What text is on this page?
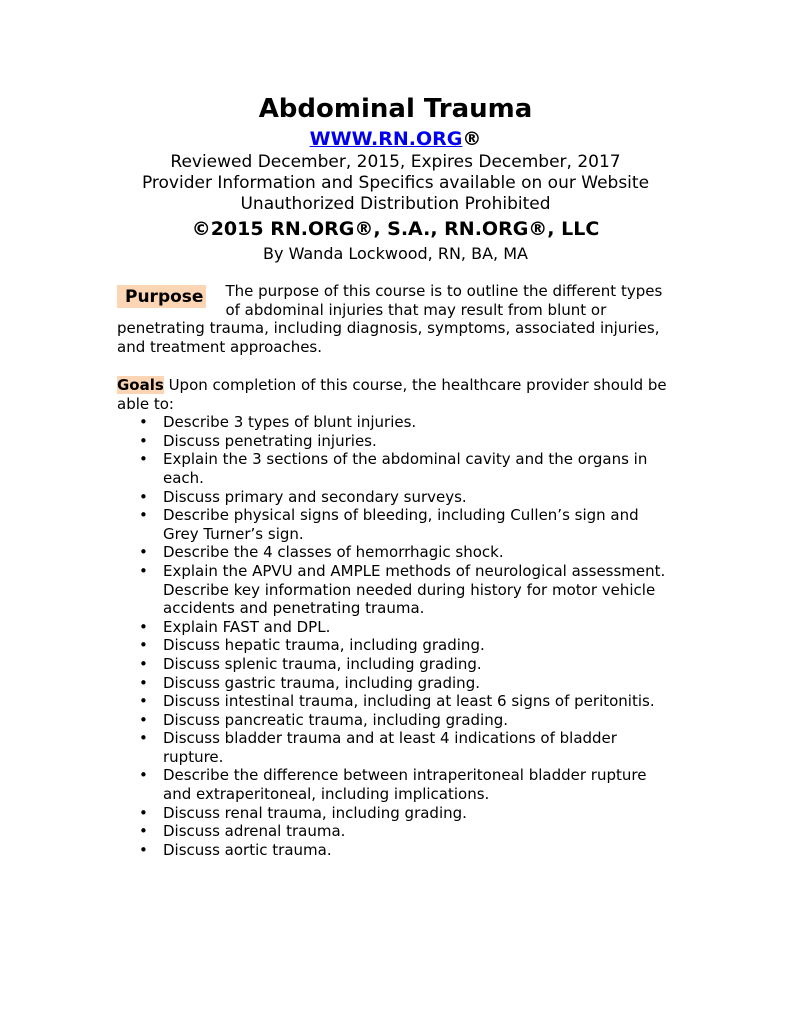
Abdominal Trauma

WWW.RN.ORG®

Reviewed December, 2015, Expires December, 2017

Provider Information and Specifics available on our Website

Unauthorized Distribution Prohibited

©2015 RN.ORG®, S.A., RN.ORG®, LLC

By Wanda Lockwood, RN, BA, MA

Purpose	The purpose of this course is to outline the different types of abdominal injuries that may result from blunt or penetrating trauma, including diagnosis, symptoms, associated injuries, and treatment approaches.

Goals Upon completion of this course, the healthcare provider should be able to:

• Describe 3 types of blunt injuries.
• Discuss penetrating injuries.
• Explain the 3 sections of the abdominal cavity and the organs in each.
• Discuss primary and secondary surveys.
• Describe physical signs of bleeding, including Cullen’s sign and Grey Turner’s sign.
• Describe the 4 classes of hemorrhagic shock.
• Explain the APVU and AMPLE methods of neurological assessment.
Describe key information needed during history for motor vehicle accidents and penetrating trauma.
• Explain FAST and DPL.
• Discuss hepatic trauma, including grading.
• Discuss splenic trauma, including grading.
• Discuss gastric trauma, including grading.
• Discuss intestinal trauma, including at least 6 signs of peritonitis.
• Discuss pancreatic trauma, including grading.
• Discuss bladder trauma and at least 4 indications of bladder rupture.
• Describe the difference between intraperitoneal bladder rupture and extraperitoneal, including implications.
• Discuss renal trauma, including grading.
• Discuss adrenal trauma.
• Discuss aortic trauma.
